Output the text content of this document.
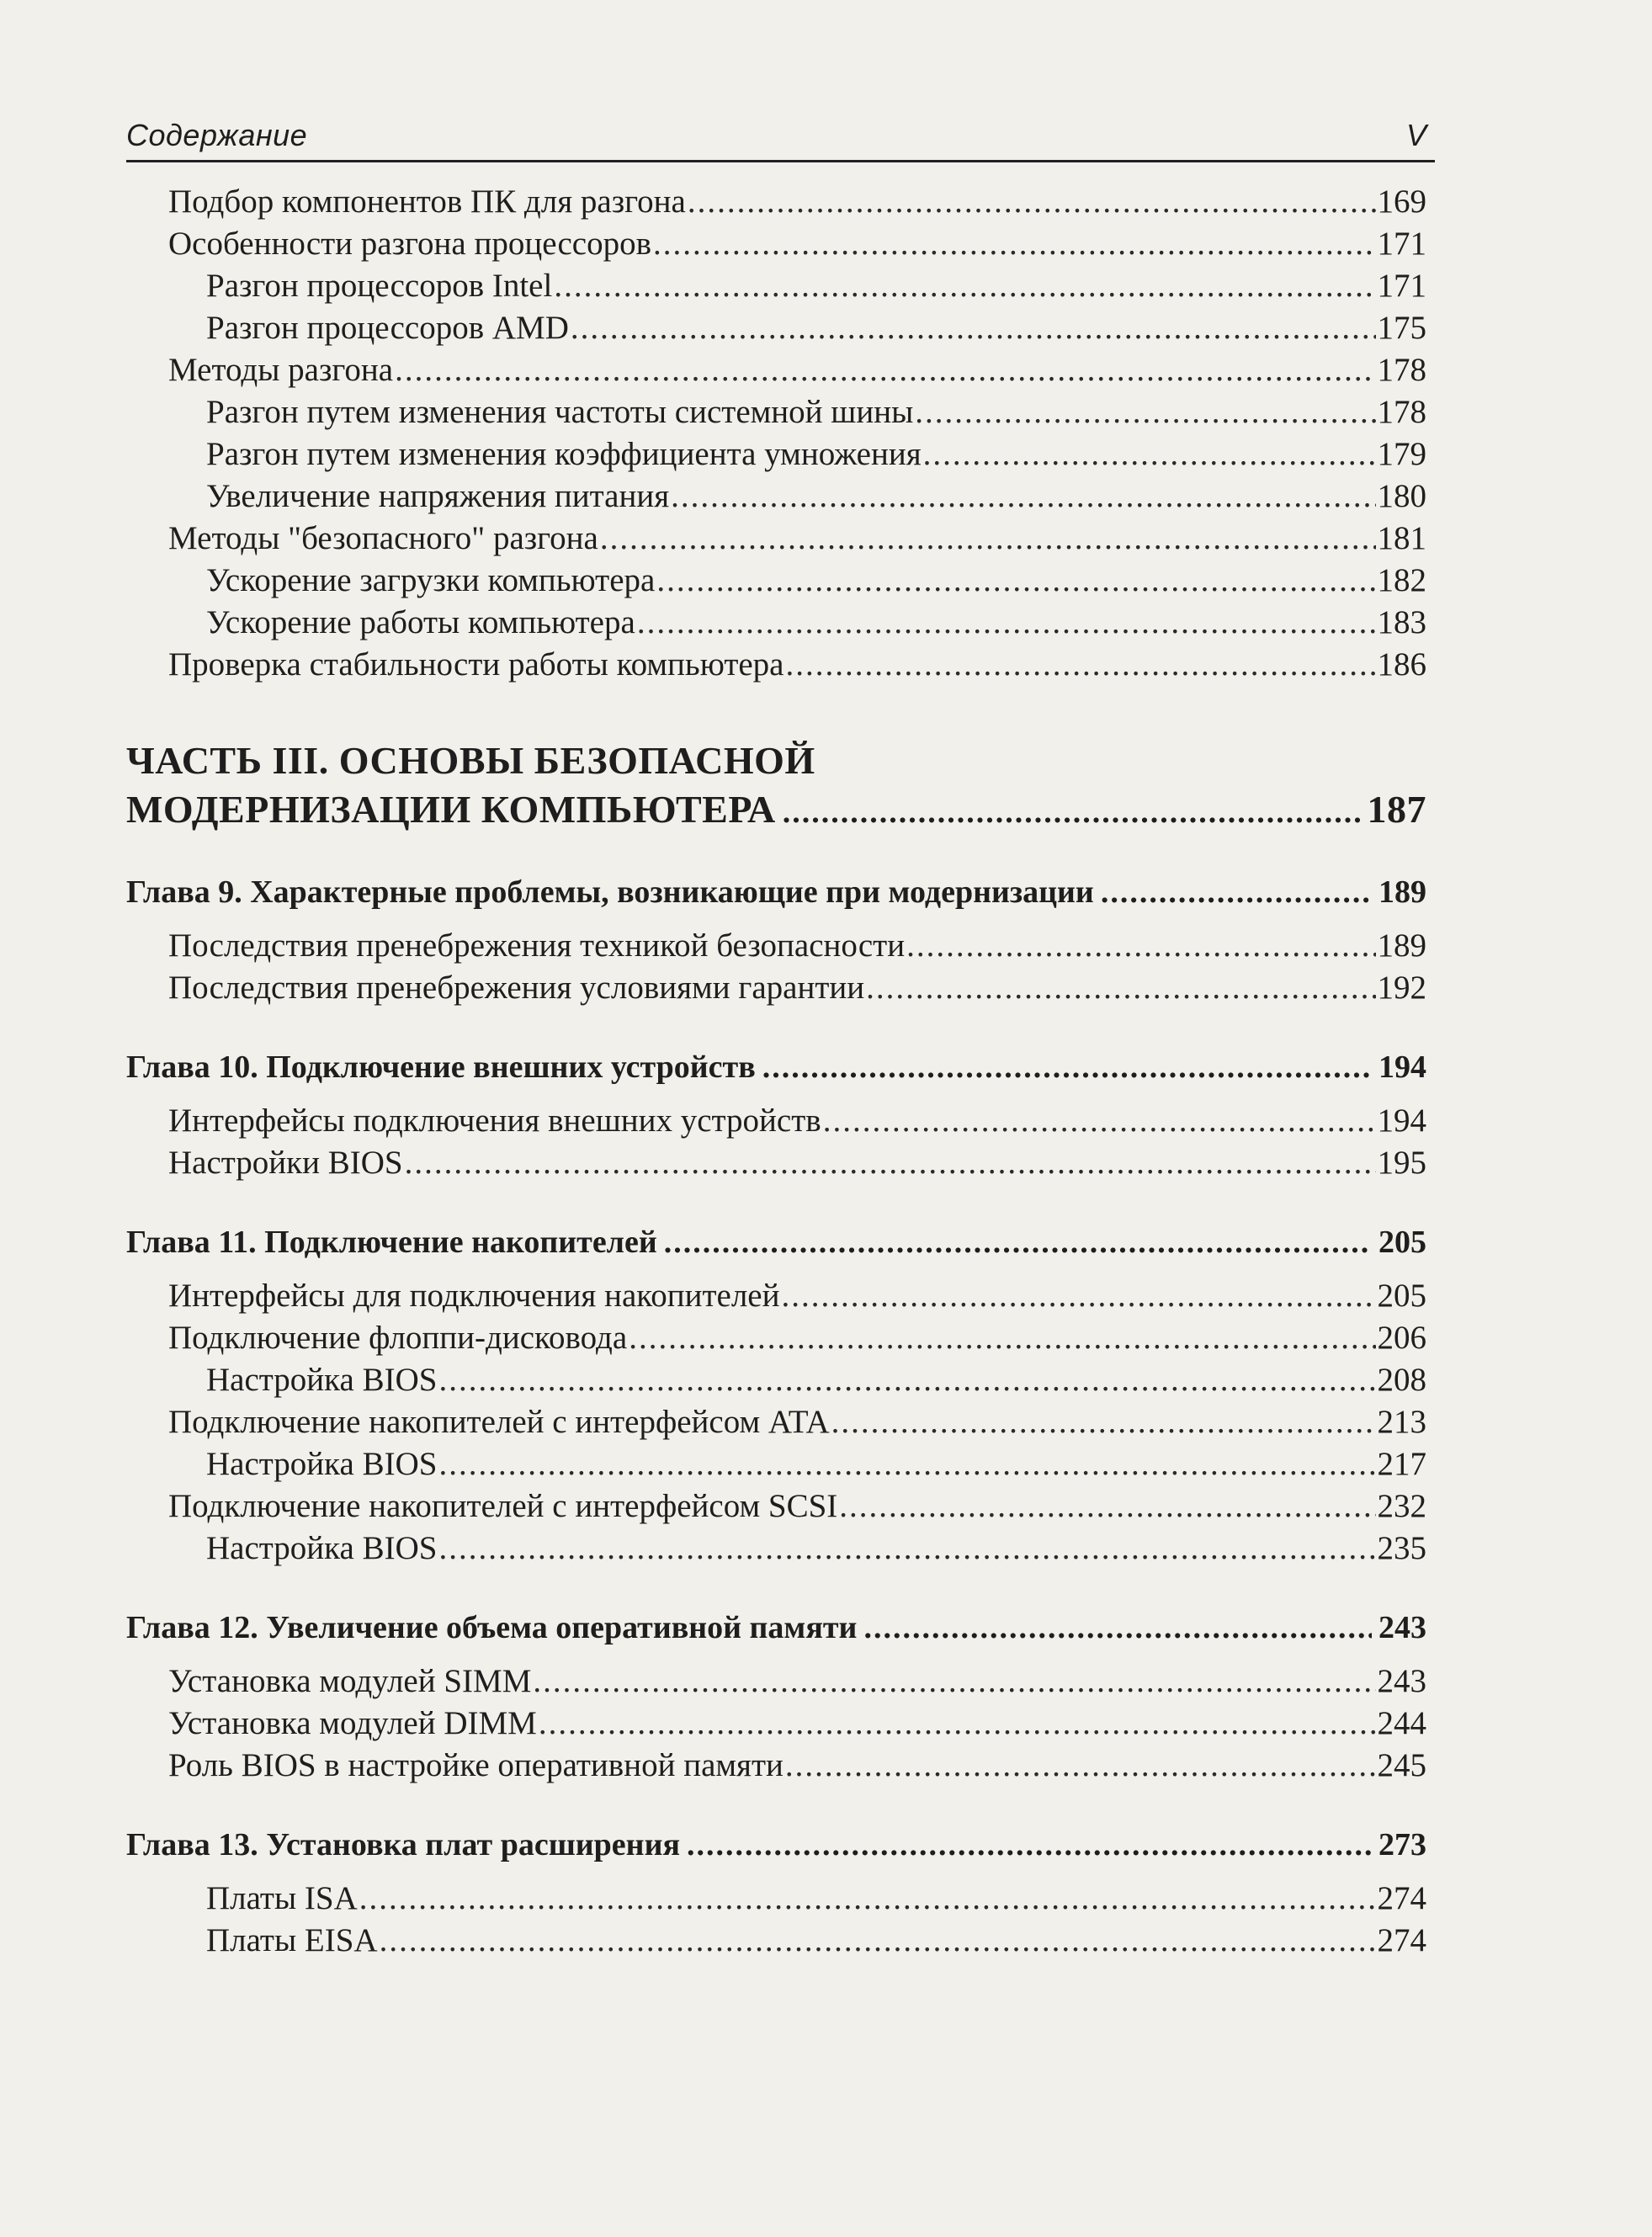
Содержание	V
Подбор компонентов ПК для разгона .....	169
Особенности разгона процессоров .....	171
Разгон процессоров Intel .....	171
Разгон процессоров AMD .....	175
Методы разгона .....	178
Разгон путем изменения частоты системной шины .....	178
Разгон путем изменения коэффициента умножения .....	179
Увеличение напряжения питания .....	180
Методы "безопасного" разгона .....	181
Ускорение загрузки компьютера .....	182
Ускорение работы компьютера .....	183
Проверка стабильности работы компьютера .....	186
ЧАСТЬ III. ОСНОВЫ БЕЗОПАСНОЙ
МОДЕРНИЗАЦИИ КОМПЬЮТЕРА .....	187
Глава 9. Характерные проблемы, возникающие при модернизации .....	189
Последствия пренебрежения техникой безопасности .....	189
Последствия пренебрежения условиями гарантии .....	192
Глава 10. Подключение внешних устройств .....	194
Интерфейсы подключения внешних устройств .....	194
Настройки BIOS .....	195
Глава 11. Подключение накопителей .....	205
Интерфейсы для подключения накопителей .....	205
Подключение флоппи-дисковода .....	206
Настройка BIOS .....	208
Подключение накопителей с интерфейсом ATA .....	213
Настройка BIOS .....	217
Подключение накопителей с интерфейсом SCSI .....	232
Настройка BIOS .....	235
Глава 12. Увеличение объема оперативной памяти .....	243
Установка модулей SIMM .....	243
Установка модулей DIMM .....	244
Роль BIOS в настройке оперативной памяти .....	245
Глава 13. Установка плат расширения .....	273
Платы ISA .....	274
Платы EISA .....	274
